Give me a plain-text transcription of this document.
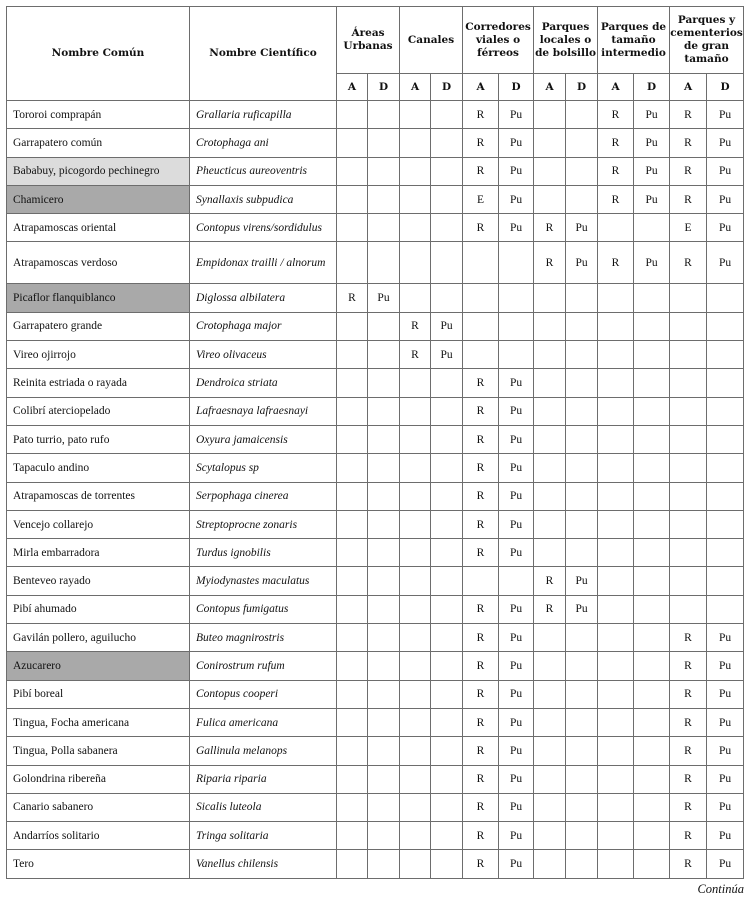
Nombre Común	Nombre Científico	Áreas Urbanas		Canales		Corredores viales o férreos		Parques locales o de bolsillo		Parques de tamaño intermedio		Parques y cementerios de gran tamaño	
		A	D	A	D	A	D	A	D	A	D	A	D
Tororoi comprapán	Grallaria ruficapilla					R	Pu			R	Pu	R	Pu
Garrapatero común	Crotophaga ani					R	Pu			R	Pu	R	Pu
Bababuy, picogordo pechinegro	Pheucticus aureoventris					R	Pu			R	Pu	R	Pu
Chamicero	Synallaxis subpudica					E	Pu			R	Pu	R	Pu
Atrapamoscas oriental	Contopus virens/sordidulus					R	Pu	R	Pu			E	Pu
Atrapamoscas verdoso	Empidonax trailli / alnorum							R	Pu	R	Pu	R	Pu
Picaflor flanquiblanco	Diglossa albilatera	R	Pu										
Garrapatero grande	Crotophaga major			R	Pu								
Vireo ojirrojo	Vireo olivaceus			R	Pu								
Reinita estriada o rayada	Dendroica striata					R	Pu						
Colibrí aterciopelado	Lafraesnaya lafraesnayi					R	Pu						
Pato turrio, pato rufo	Oxyura jamaicensis					R	Pu						
Tapaculo andino	Scytalopus sp					R	Pu						
Atrapamoscas de torrentes	Serpophaga cinerea					R	Pu						
Vencejo collarejo	Streptoprocne zonaris					R	Pu						
Mirla embarradora	Turdus ignobilis					R	Pu						
Benteveo rayado	Myiodynastes maculatus							R	Pu				
Pibí ahumado	Contopus fumigatus					R	Pu	R	Pu				
Gavilán pollero, aguilucho	Buteo magnirostris					R	Pu					R	Pu
Azucarero	Conirostrum rufum					R	Pu					R	Pu
Pibí boreal	Contopus cooperi					R	Pu					R	Pu
Tingua, Focha americana	Fulica americana					R	Pu					R	Pu
Tingua, Polla sabanera	Gallinula melanops					R	Pu					R	Pu
Golondrina ribereña	Riparia riparia					R	Pu					R	Pu
Canario sabanero	Sicalis luteola					R	Pu					R	Pu
Andarríos solitario	Tringa solitaria					R	Pu					R	Pu
Tero	Vanellus chilensis					R	Pu					R	Pu
Continúa
